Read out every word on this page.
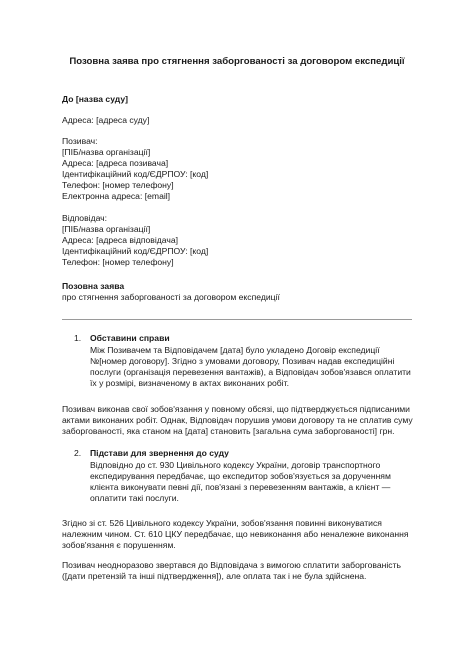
Позовна заява про стягнення заборгованості за договором експедиції
До [назва суду]
Адреса: [адреса суду]
Позивач:
[ПІБ/назва організації]
Адреса: [адреса позивача]
Ідентифікаційний код/ЄДРПОУ: [код]
Телефон: [номер телефону]
Електронна адреса: [email]
Відповідач:
[ПІБ/назва організації]
Адреса: [адреса відповідача]
Ідентифікаційний код/ЄДРПОУ: [код]
Телефон: [номер телефону]
Позовна заява
про стягнення заборгованості за договором експедиції
1. Обставини справи
Між Позивачем та Відповідачем [дата] було укладено Договір експедиції
№[номер договору]. Згідно з умовами договору, Позивач надав експедиційні
послуги (організація перевезення вантажів), а Відповідач зобов'язався оплатити
їх у розмірі, визначеному в актах виконаних робіт.
Позивач виконав свої зобов'язання у повному обсязі, що підтверджується підписаними
актами виконаних робіт. Однак, Відповідач порушив умови договору та не сплатив суму
заборгованості, яка станом на [дата] становить [загальна сума заборгованості] грн.
2. Підстави для звернення до суду
Відповідно до ст. 930 Цивільного кодексу України, договір транспортного
експедирування передбачає, що експедитор зобов'язується за дорученням
клієнта виконувати певні дії, пов'язані з перевезенням вантажів, а клієнт —
оплатити такі послуги.
Згідно зі ст. 526 Цивільного кодексу України, зобов'язання повинні виконуватися
належним чином. Ст. 610 ЦКУ передбачає, що невиконання або неналежне виконання
зобов'язання є порушенням.
Позивач неодноразово звертався до Відповідача з вимогою сплатити заборгованість
([дати претензій та інші підтвердження]), але оплата так і не була здійснена.
